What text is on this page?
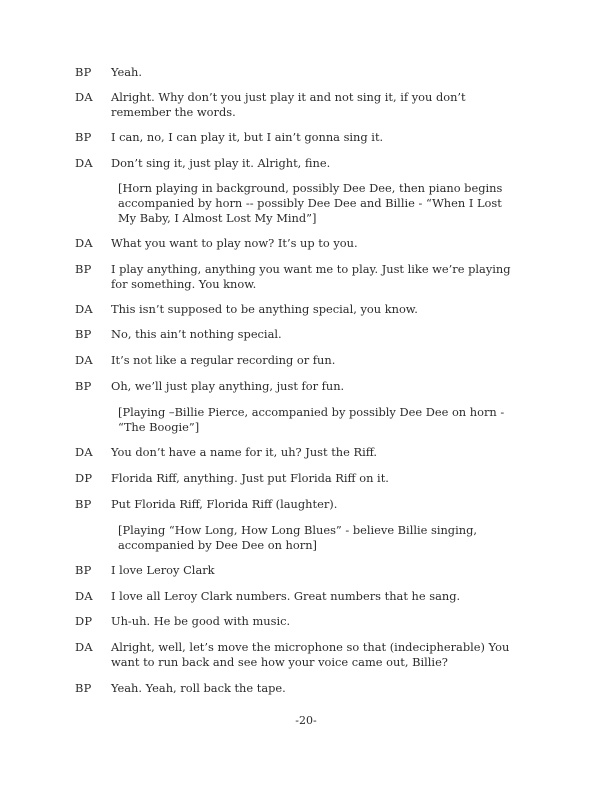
BP Yeah.
DA Alright. Why don’t you just play it and not sing it, if you don’t remember the words.
BP I can, no, I can play it, but I ain’t gonna sing it.
DA Don’t sing it, just play it. Alright, fine.
[Horn playing in background, possibly Dee Dee, then piano begins accompanied by horn -- possibly Dee Dee and Billie - “When I Lost My Baby, I Almost Lost My Mind”]
DA What you want to play now? It’s up to you.
BP I play anything, anything you want me to play. Just like we’re playing for something. You know.
DA This isn’t supposed to be anything special, you know.
BP No, this ain’t nothing special.
DA It’s not like a regular recording or fun.
BP Oh, we’ll just play anything, just for fun.
[Playing –Billie Pierce, accompanied by possibly Dee Dee on horn - “The Boogie”]
DA You don’t have a name for it, uh? Just the Riff.
DP Florida Riff, anything. Just put Florida Riff on it.
BP Put Florida Riff, Florida Riff (laughter).
[Playing “How Long, How Long Blues” - believe Billie singing, accompanied by Dee Dee on horn]
BP I love Leroy Clark
DA I love all Leroy Clark numbers. Great numbers that he sang.
DP Uh-uh. He be good with music.
DA Alright, well, let’s move the microphone so that (indecipherable) You want to run back and see how your voice came out, Billie?
BP Yeah. Yeah, roll back the tape.
-20-
